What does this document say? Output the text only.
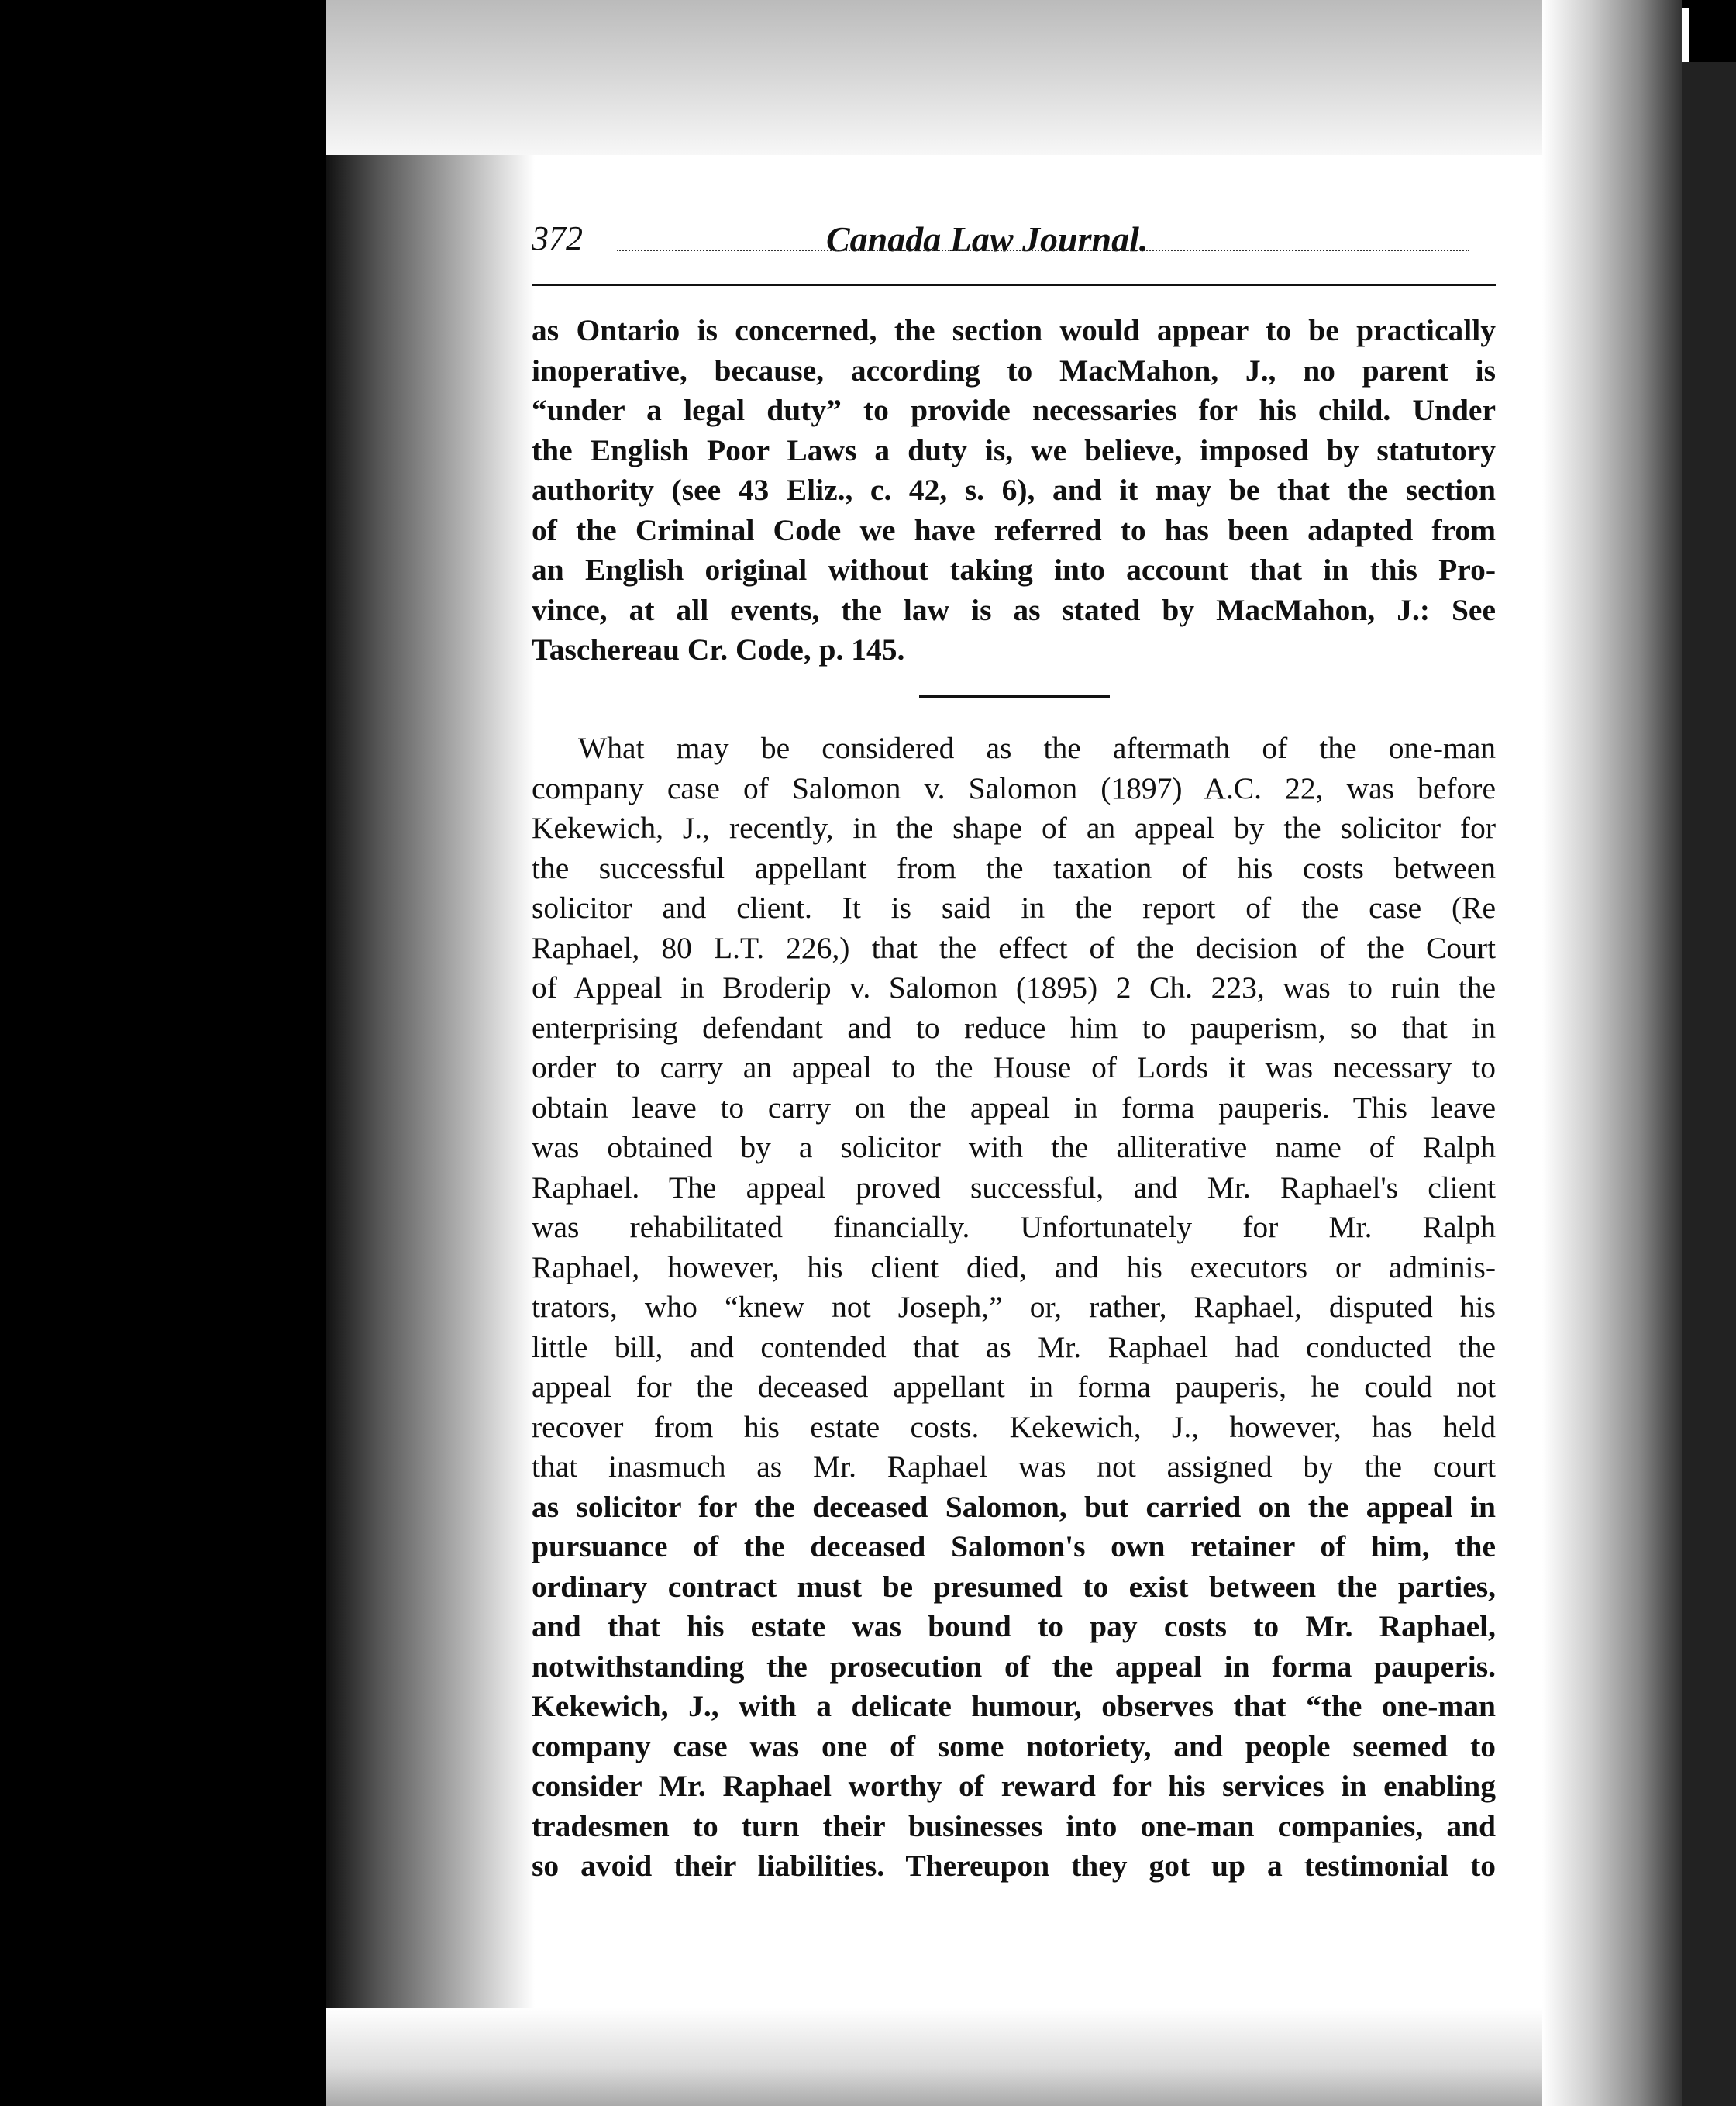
372	Canada Law Journal.
as Ontario is concerned, the section would appear to be practically
inoperative, because, according to MacMahon, J., no parent is
“under a legal duty” to provide necessaries for his child. Under
the English Poor Laws a duty is, we believe, imposed by statutory
authority (see 43 Eliz., c. 42, s. 6), and it may be that the section
of the Criminal Code we have referred to has been adapted from
an English original without taking into account that in this Pro-
vince, at all events, the law is as stated by MacMahon, J.: See
Taschereau Cr. Code, p. 145.
What may be considered as the aftermath of the one-man
company case of Salomon v. Salomon (1897) A.C. 22, was before
Kekewich, J., recently, in the shape of an appeal by the solicitor for
the successful appellant from the taxation of his costs between
solicitor and client. It is said in the report of the case (Re
Raphael, 80 L.T. 226,) that the effect of the decision of the Court
of Appeal in Broderip v. Salomon (1895) 2 Ch. 223, was to ruin the
enterprising defendant and to reduce him to pauperism, so that in
order to carry an appeal to the House of Lords it was necessary to
obtain leave to carry on the appeal in forma pauperis. This leave
was obtained by a solicitor with the alliterative name of Ralph
Raphael. The appeal proved successful, and Mr. Raphael's client
was rehabilitated financially. Unfortunately for Mr. Ralph
Raphael, however, his client died, and his executors or adminis-
trators, who “knew not Joseph,” or, rather, Raphael, disputed his
little bill, and contended that as Mr. Raphael had conducted the
appeal for the deceased appellant in forma pauperis, he could not
recover from his estate costs. Kekewich, J., however, has held
that inasmuch as Mr. Raphael was not assigned by the court
as solicitor for the deceased Salomon, but carried on the appeal in
pursuance of the deceased Salomon's own retainer of him, the
ordinary contract must be presumed to exist between the parties,
and that his estate was bound to pay costs to Mr. Raphael,
notwithstanding the prosecution of the appeal in forma pauperis.
Kekewich, J., with a delicate humour, observes that “the one-man
company case was one of some notoriety, and people seemed to
consider Mr. Raphael worthy of reward for his services in enabling
tradesmen to turn their businesses into one-man companies, and
so avoid their liabilities. Thereupon they got up a testimonial to
